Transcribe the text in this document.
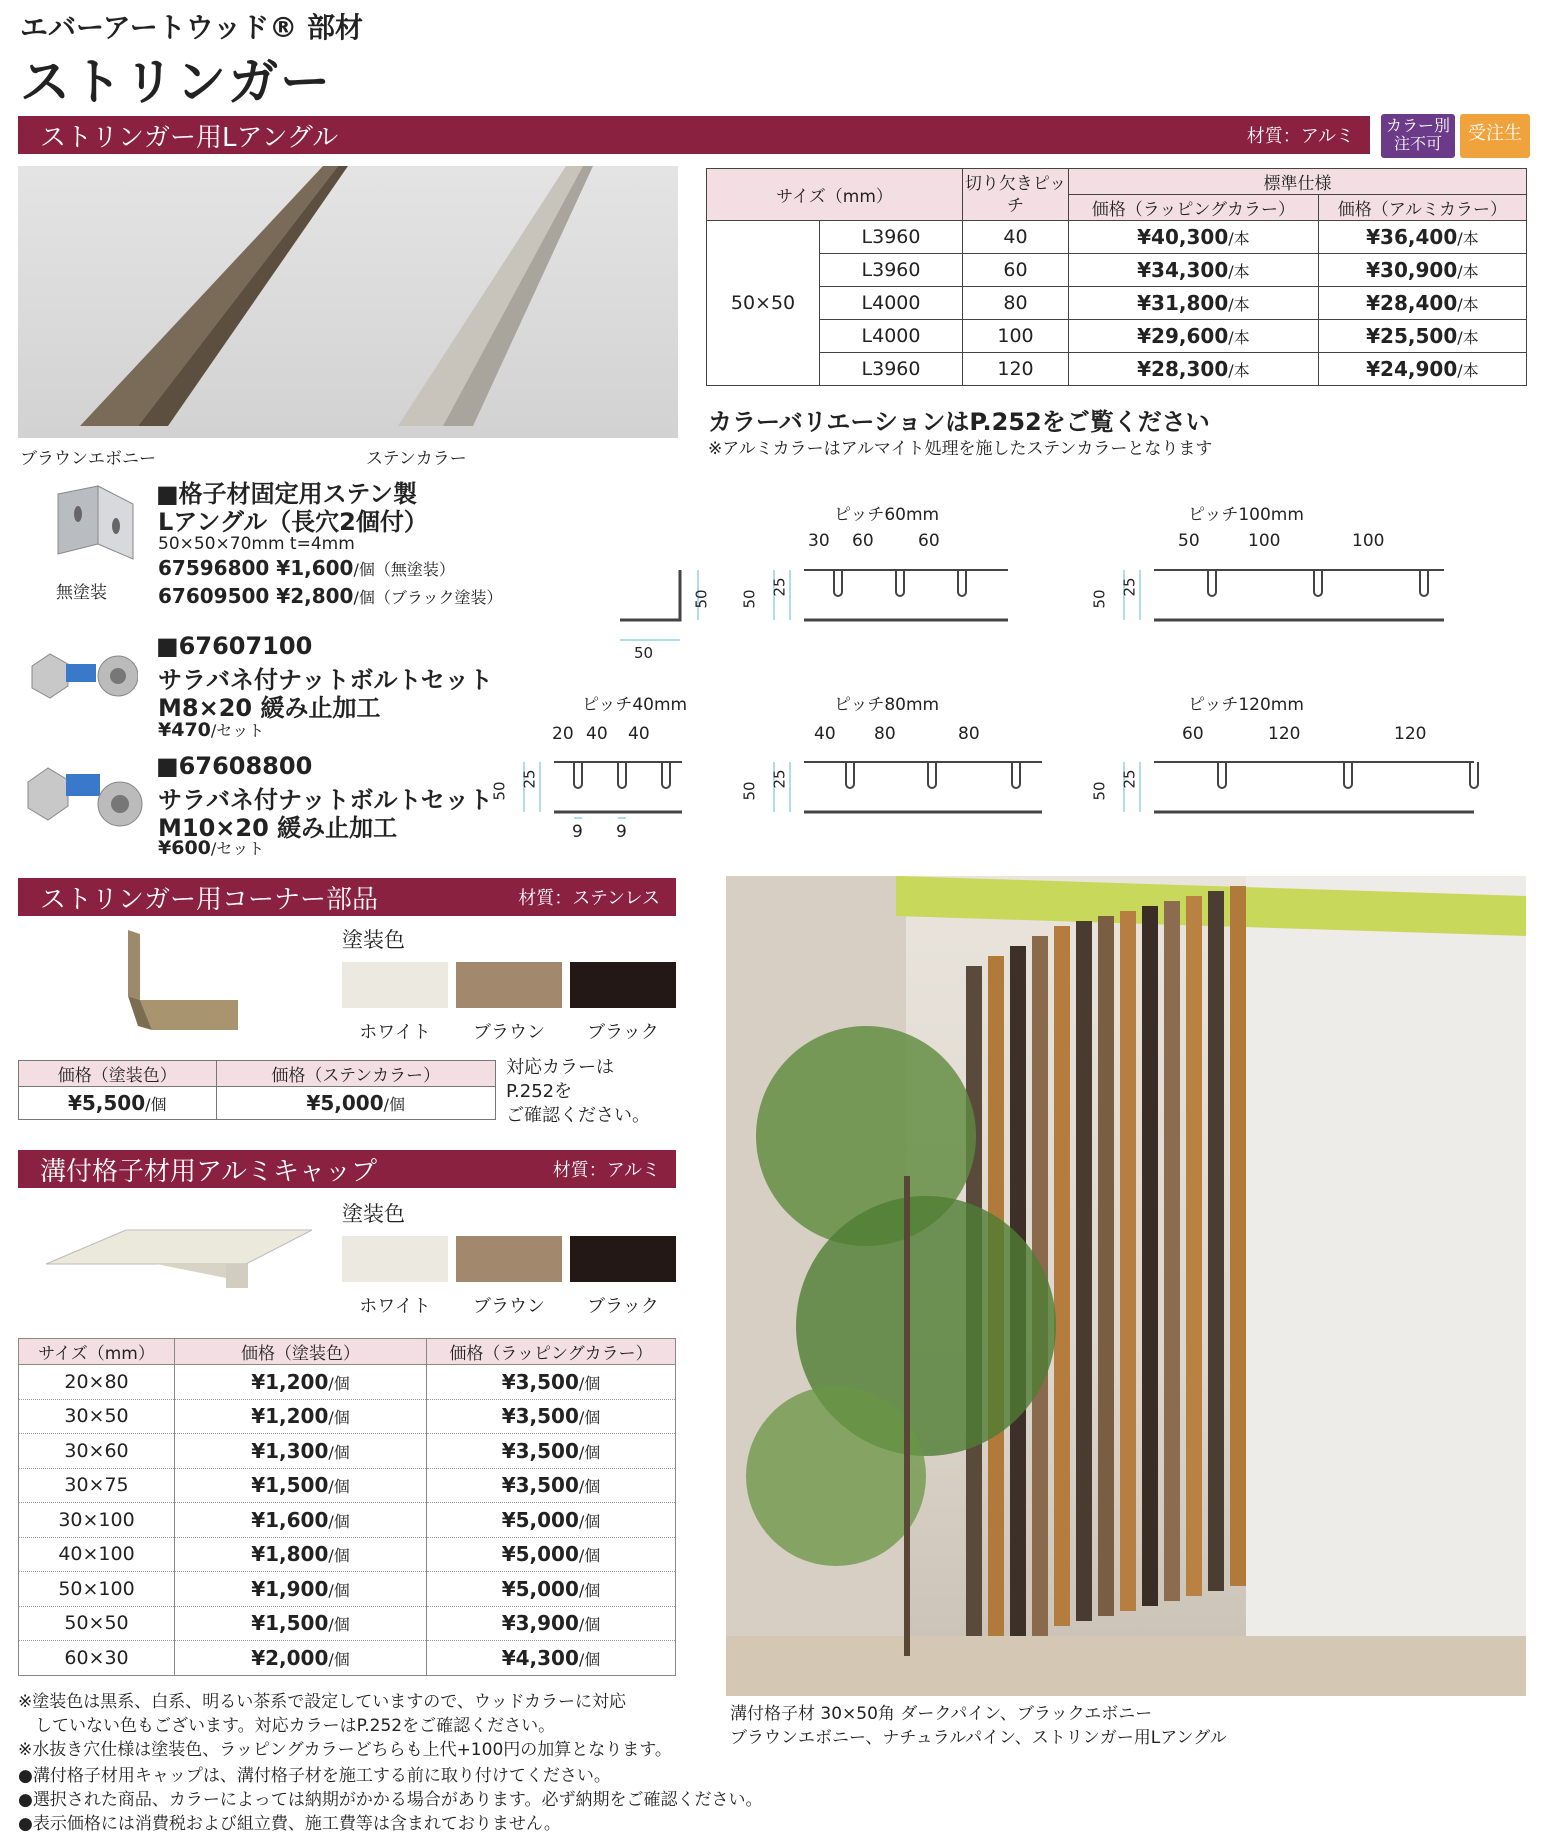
エバーアートウッド® 部材
ストリンガー
ストリンガー用Lアングル	材質：アルミ
カラー別注不可	受注生
ブラウンエボニー	ステンカラー
サイズ（mm）		切り欠きピッチ	標準仕様	
			価格（ラッピングカラー）	価格（アルミカラー）
50×50	L3960	40	¥40,300/本	¥36,400/本
	L3960	60	¥34,300/本	¥30,900/本
	L4000	80	¥31,800/本	¥28,400/本
	L4000	100	¥29,600/本	¥25,500/本
	L3960	120	¥28,300/本	¥24,900/本
カラーバリエーションはP.252をご覧ください
※アルミカラーはアルマイト処理を施したステンカラーとなります
無塗装
■格子材固定用ステン製
Lアングル（長穴2個付）
50×50×70mm t=4mm
67596800 ¥1,600/個（無塗装）
67609500 ¥2,800/個（ブラック塗装）
■67607100
サラバネ付ナットボルトセット
M8×20 緩み止加工
¥470/セット
■67608800
サラバネ付ナットボルトセット
M10×20 緩み止加工
¥600/セット
50
50
ピッチ60mm
30 60	60
50
25
ピッチ100mm
50	100	100
50
25
ピッチ40mm
20 40 40
9 9
50
25
ピッチ80mm
40 80	80
50
25
ピッチ120mm
60	120	120
50
25
ストリンガー用コーナー部品	材質：ステンレス
塗装色
ホワイト	ブラウン	ブラック
価格（塗装色）	価格（ステンカラー）
¥5,500/個	¥5,000/個
対応カラーは
P.252を
ご確認ください。
溝付格子材用アルミキャップ	材質：アルミ
塗装色
ホワイト	ブラウン	ブラック
サイズ（mm）	価格（塗装色）	価格（ラッピングカラー）
20×80	¥1,200/個	¥3,500/個
30×50	¥1,200/個	¥3,500/個
30×60	¥1,300/個	¥3,500/個
30×75	¥1,500/個	¥3,500/個
30×100	¥1,600/個	¥5,000/個
40×100	¥1,800/個	¥5,000/個
50×100	¥1,900/個	¥5,000/個
50×50	¥1,500/個	¥3,900/個
60×30	¥2,000/個	¥4,300/個
※塗装色は黒系、白系、明るい茶系で設定していますので、ウッドカラーに対応
　していない色もございます。対応カラーはP.252をご確認ください。
※水抜き穴仕様は塗装色、ラッピングカラーどちらも上代+100円の加算となります。
溝付格子材 30×50角 ダークパイン、ブラックエボニー
ブラウンエボニー、ナチュラルパイン、ストリンガー用Lアングル
●溝付格子材用キャップは、溝付格子材を施工する前に取り付けてください。
●選択された商品、カラーによっては納期がかかる場合があります。必ず納期をご確認ください。
●表示価格には消費税および組立費、施工費等は含まれておりません。
